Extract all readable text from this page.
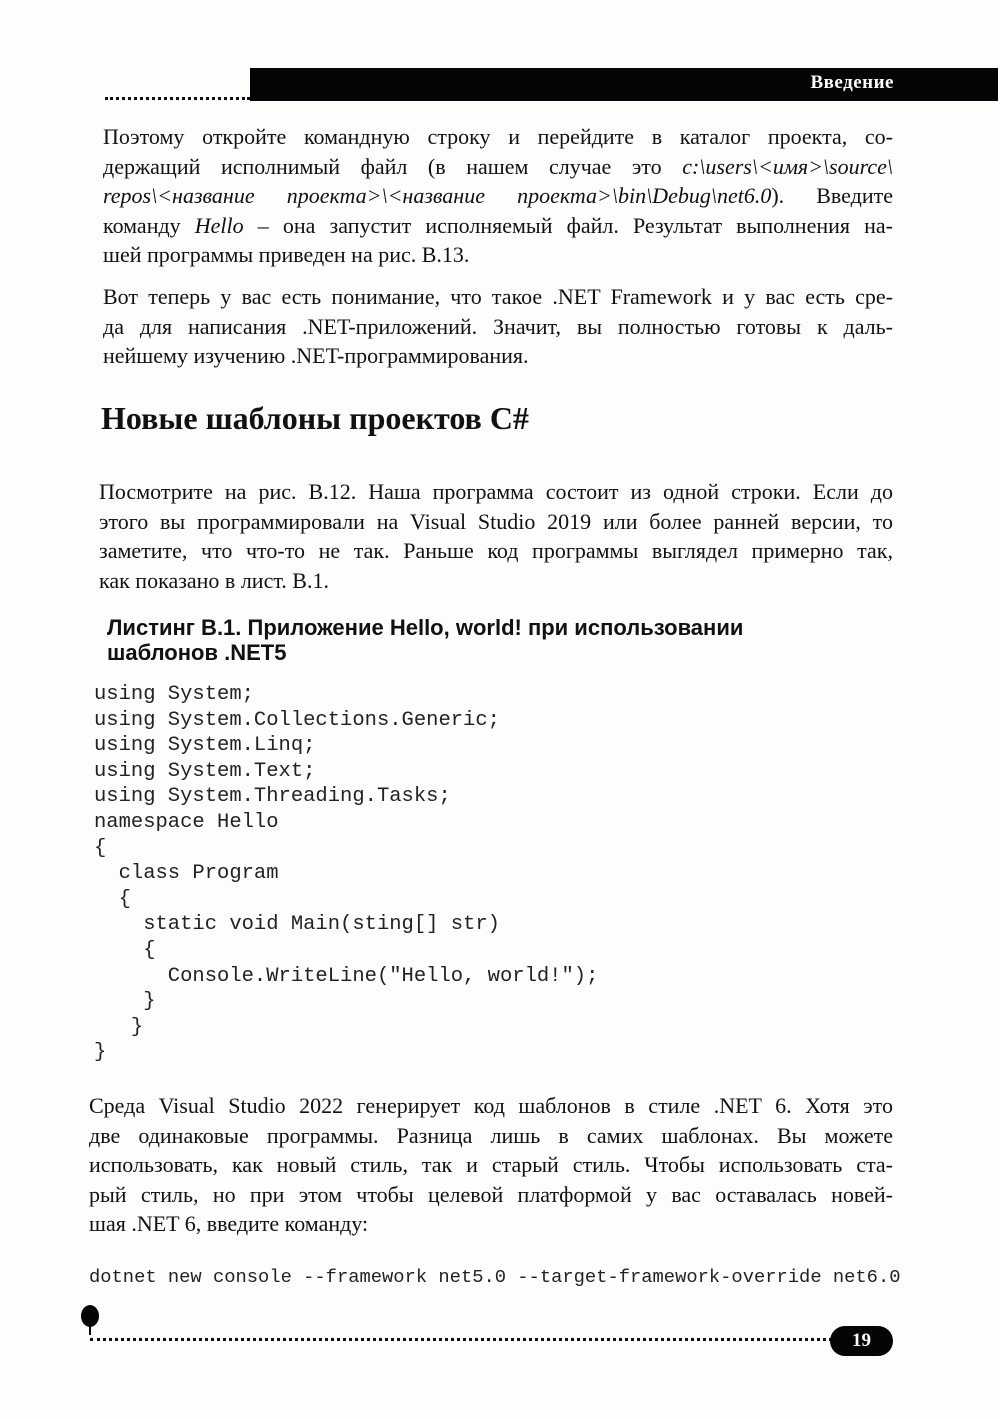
Введение
Поэтому откройте командную строку и перейдите в каталог проекта, со-
держащий исполнимый файл (в нашем случае это c:\users\<имя>\source\
repos\<название проекта>\<название проекта>\bin\Debug\net6.0). Введите
команду Hello – она запустит исполняемый файл. Результат выполнения на-
шей программы приведен на рис. В.13.
Вот теперь у вас есть понимание, что такое .NET Framework и у вас есть сре-
да для написания .NET-приложений. Значит, вы полностью готовы к даль-
нейшему изучению .NET-программирования.
Новые шаблоны проектов C#
Посмотрите на рис. В.12. Наша программа состоит из одной строки. Если до
этого вы программировали на Visual Studio 2019 или более ранней версии, то
заметите, что что-то не так. Раньше код программы выглядел примерно так,
как показано в лист. В.1.
Листинг В.1. Приложение Hello, world! при использовании
шаблонов .NET5
using System;
using System.Collections.Generic;
using System.Linq;
using System.Text;
using System.Threading.Tasks;
namespace Hello
{
class Program
{
static void Main(sting[] str)
{
Console.WriteLine("Hello, world!");
}
}
}
Среда Visual Studio 2022 генерирует код шаблонов в стиле .NET 6. Хотя это
две одинаковые программы. Разница лишь в самих шаблонах. Вы можете
использовать, как новый стиль, так и старый стиль. Чтобы использовать ста-
рый стиль, но при этом чтобы целевой платформой у вас оставалась новей-
шая .NET 6, введите команду:
dotnet new console --framework net5.0 --target-framework-override net6.0
19
